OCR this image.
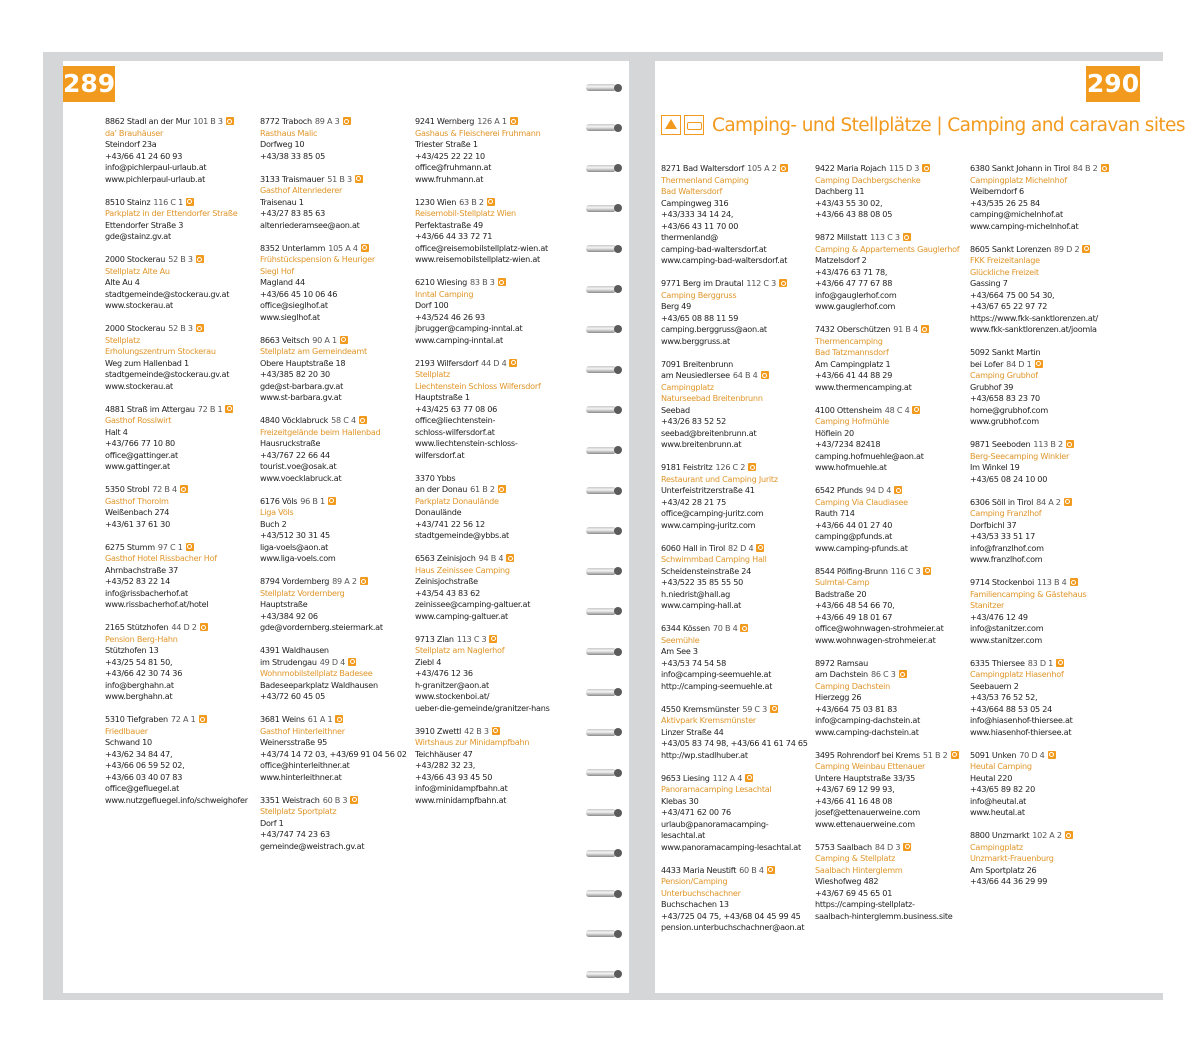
289	290
Camping- und Stellplätze | Camping and caravan sites
8862 Stadl an der Mur 101 B 3
da' Brauhäuser
Steindorf 23a
+43/66 41 24 60 93
info@pichlerpaul-urlaub.at
www.pichlerpaul-urlaub.at
8510 Stainz 116 C 1
Parkplatz in der Ettendorfer Straße
Ettendorfer Straße 3
gde@stainz.gv.at
2000 Stockerau 52 B 3
Stellplatz Alte Au
Alte Au 4
stadtgemeinde@stockerau.gv.at
www.stockerau.at
2000 Stockerau 52 B 3
Stellplatz
Erholungszentrum Stockerau
Weg zum Hallenbad 1
stadtgemeinde@stockerau.gv.at
www.stockerau.at
4881 Straß im Attergau 72 B 1
Gasthof Rosslwirt
Halt 4
+43/766 77 10 80
office@gattinger.at
www.gattinger.at
5350 Strobl 72 B 4
Gasthof Thorolm
Weißenbach 274
+43/61 37 61 30
6275 Stumm 97 C 1
Gasthof Hotel Rissbacher Hof
Ahrnbachstraße 37
+43/52 83 22 14
info@rissbacherhof.at
www.rissbacherhof.at/hotel
2165 Stützhofen 44 D 2
Pension Berg-Hahn
Stützhofen 13
+43/25 54 81 50,
+43/66 42 30 74 36
info@berghahn.at
www.berghahn.at
5310 Tiefgraben 72 A 1
Friedlbauer
Schwand 10
+43/62 34 84 47,
+43/66 06 59 52 02,
+43/66 03 40 07 83
office@gefluegel.at
www.nutzgefluegel.info/schweighofer
8772 Traboch 89 A 3
Rasthaus Malic
Dorfweg 10
+43/38 33 85 05
3133 Traismauer 51 B 3
Gasthof Altenriederer
Traisenau 1
+43/27 83 85 63
altenriederamsee@aon.at
8352 Unterlamm 105 A 4
Frühstückspension & Heuriger
Siegl Hof
Magland 44
+43/66 45 10 06 46
office@sieglhof.at
www.sieglhof.at
8663 Veitsch 90 A 1
Stellplatz am Gemeindeamt
Obere Hauptstraße 18
+43/385 82 20 30
gde@st-barbara.gv.at
www.st-barbara.gv.at
4840 Vöcklabruck 58 C 4
Freizeitgelände beim Hallenbad
Hausruckstraße
+43/767 22 66 44
tourist.voe@osak.at
www.voecklabruck.at
6176 Völs 96 B 1
Liga Völs
Buch 2
+43/512 30 31 45
liga-voels@aon.at
www.liga-voels.com
8794 Vordernberg 89 A 2
Stellplatz Vordernberg
Hauptstraße
+43/384 92 06
gde@vordernberg.steiermark.at
4391 Waldhausen
im Strudengau 49 D 4
Wohnmobilstellplatz Badesee
Badeseeparkplatz Waldhausen
+43/72 60 45 05
3681 Weins 61 A 1
Gasthof Hinterleithner
Weinersstraße 95
+43/74 14 72 03, +43/69 91 04 56 02
office@hinterleithner.at
www.hinterleithner.at
3351 Weistrach 60 B 3
Stellplatz Sportplatz
Dorf 1
+43/747 74 23 63
gemeinde@weistrach.gv.at
9241 Wernberg 126 A 1
Gashaus & Fleischerei Fruhmann
Triester Straße 1
+43/425 22 22 10
office@fruhmann.at
www.fruhmann.at
1230 Wien 63 B 2
Reisemobil-Stellplatz Wien
Perfektastraße 49
+43/66 44 33 72 71
office@reisemobilstellplatz-wien.at
www.reisemobilstellplatz-wien.at
6210 Wiesing 83 B 3
Inntal Camping
Dorf 100
+43/524 46 26 93
jbrugger@camping-inntal.at
www.camping-inntal.at
2193 Wilfersdorf 44 D 4
Stellplatz
Liechtenstein Schloss Wilfersdorf
Hauptstraße 1
+43/425 63 77 08 06
office@liechtenstein-
schloss-wilfersdorf.at
www.liechtenstein-schloss-
wilfersdorf.at
3370 Ybbs
an der Donau 61 B 2
Parkplatz Donaulände
Donaulände
+43/741 22 56 12
stadtgemeinde@ybbs.at
6563 Zeinisjoch 94 B 4
Haus Zeinissee Camping
Zeinisjochstraße
+43/54 43 83 62
zeinissee@camping-galtuer.at
www.camping-galtuer.at
9713 Zlan 113 C 3
Stellplatz am Naglerhof
Ziebl 4
+43/476 12 36
h-granitzer@aon.at
www.stockenboi.at/
ueber-die-gemeinde/granitzer-hans
3910 Zwettl 42 B 3
Wirtshaus zur Minidampfbahn
Teichhäuser 47
+43/282 32 23,
+43/66 43 93 45 50
info@minidampfbahn.at
www.minidampfbahn.at
8271 Bad Waltersdorf 105 A 2
Thermenland Camping
Bad Waltersdorf
Campingweg 316
+43/333 34 14 24,
+43/66 43 11 70 00
thermenland@
camping-bad-waltersdorf.at
www.camping-bad-waltersdorf.at
9771 Berg im Drautal 112 C 3
Camping Berggruss
Berg 49
+43/65 08 88 11 59
camping.berggruss@aon.at
www.berggruss.at
7091 Breitenbrunn
am Neusiedlersee 64 B 4
Campingplatz
Naturseebad Breitenbrunn
Seebad
+43/26 83 52 52
seebad@breitenbrunn.at
www.breitenbrunn.at
9181 Feistritz 126 C 2
Restaurant und Camping Juritz
Unterfeistritzerstraße 41
+43/42 28 21 75
office@camping-juritz.com
www.camping-juritz.com
6060 Hall in Tirol 82 D 4
Schwimmbad Camping Hall
Scheidensteinstraße 24
+43/522 35 85 55 50
h.niedrist@hall.ag
www.camping-hall.at
6344 Kössen 70 B 4
Seemühle
Am See 3
+43/53 74 54 58
info@camping-seemuehle.at
http://camping-seemuehle.at
4550 Kremsmünster 59 C 3
Aktivpark Kremsmünster
Linzer Straße 44
+43/05 83 74 98, +43/66 41 61 74 65
http://wp.stadlhuber.at
9653 Liesing 112 A 4
Panoramacamping Lesachtal
Klebas 30
+43/471 62 00 76
urlaub@panoramacamping-
lesachtal.at
www.panoramacamping-lesachtal.at
4433 Maria Neustift 60 B 4
Pension/Camping
Unterbuchschachner
Buchschachen 13
+43/725 04 75, +43/68 04 45 99 45
pension.unterbuchschachner@aon.at
9422 Maria Rojach 115 D 3
Camping Dachbergschenke
Dachberg 11
+43/43 55 30 02,
+43/66 43 88 08 05
9872 Millstatt 113 C 3
Camping & Appartements Gauglerhof
Matzelsdorf 2
+43/476 63 71 78,
+43/66 47 77 67 88
info@gauglerhof.com
www.gauglerhof.com
7432 Oberschützen 91 B 4
Thermencamping
Bad Tatzmannsdorf
Am Campingplatz 1
+43/66 41 44 88 29
www.thermencamping.at
4100 Ottensheim 48 C 4
Camping Hofmühle
Höflein 20
+43/7234 82418
camping.hofmuehle@aon.at
www.hofmuehle.at
6542 Pfunds 94 D 4
Camping Via Claudiasee
Rauth 714
+43/66 44 01 27 40
camping@pfunds.at
www.camping-pfunds.at
8544 Pölfing-Brunn 116 C 3
Sulmtal-Camp
Badstraße 20
+43/66 48 54 66 70,
+43/66 49 18 01 67
office@wohnwagen-strohmeier.at
www.wohnwagen-strohmeier.at
8972 Ramsau
am Dachstein 86 C 3
Camping Dachstein
Hierzegg 26
+43/664 75 03 81 83
info@camping-dachstein.at
www.camping-dachstein.at
3495 Rohrendorf bei Krems 51 B 2
Camping Weinbau Ettenauer
Untere Hauptstraße 33/35
+43/67 69 12 99 93,
+43/66 41 16 48 08
josef@ettenauerweine.com
www.ettenauerweine.com
5753 Saalbach 84 D 3
Camping & Stellplatz
Saalbach Hinterglemm
Wieshofweg 482
+43/67 69 45 65 01
https://camping-stellplatz-
saalbach-hinterglemm.business.site
6380 Sankt Johann in Tirol 84 B 2
Campingplatz Michelnhof
Weiberndorf 6
+43/535 26 25 84
camping@michelnhof.at
www.camping-michelnhof.at
8605 Sankt Lorenzen 89 D 2
FKK Freizeitanlage
Glückliche Freizeit
Gassing 7
+43/664 75 00 54 30,
+43/67 65 22 97 72
https://www.fkk-sanktlorenzen.at/
www.fkk-sanktlorenzen.at/joomla
5092 Sankt Martin
bei Lofer 84 D 1
Camping Grubhof
Grubhof 39
+43/658 83 23 70
home@grubhof.com
www.grubhof.com
9871 Seeboden 113 B 2
Berg-Seecamping Winkler
Im Winkel 19
+43/65 08 24 10 00
6306 Söll in Tirol 84 A 2
Camping Franzlhof
Dorfbichl 37
+43/53 33 51 17
info@franzlhof.com
www.franzlhof.com
9714 Stockenboi 113 B 4
Familiencamping & Gästehaus
Stanitzer
+43/476 12 49
info@stanitzer.com
www.stanitzer.com
6335 Thiersee 83 D 1
Campingplatz Hiasenhof
Seebauern 2
+43/53 76 52 52,
+43/664 88 53 05 24
info@hiasenhof-thiersee.at
www.hiasenhof-thiersee.at
5091 Unken 70 D 4
Heutal Camping
Heutal 220
+43/65 89 82 20
info@heutal.at
www.heutal.at
8800 Unzmarkt 102 A 2
Campingplatz
Unzmarkt-Frauenburg
Am Sportplatz 26
+43/66 44 36 29 99
